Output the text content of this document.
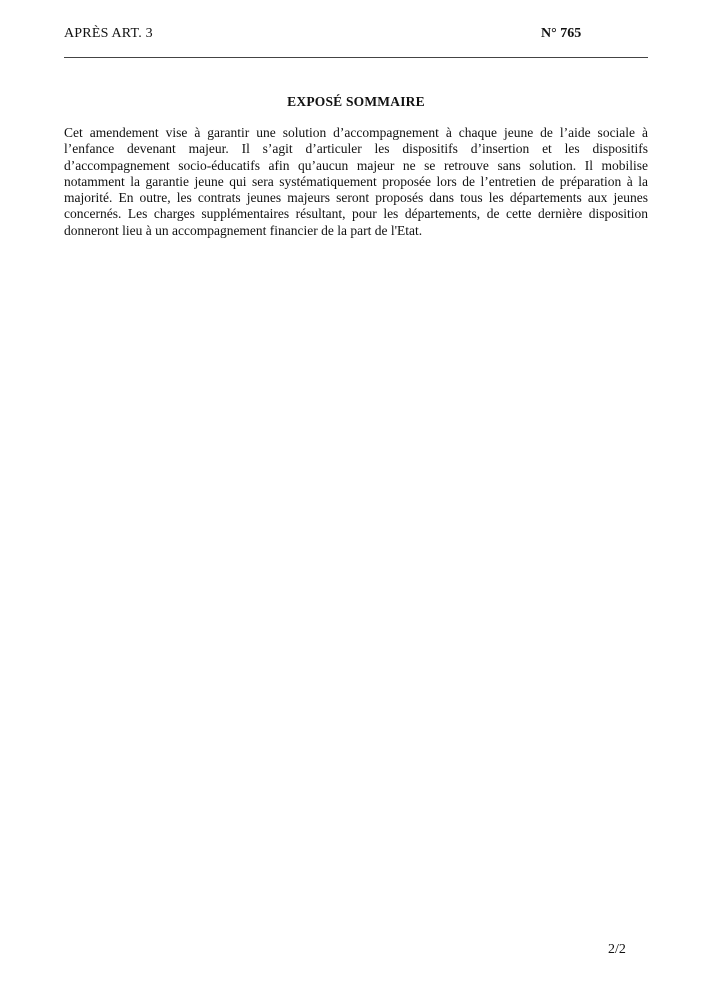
APRÈS ART. 3	N° 765
EXPOSÉ SOMMAIRE

Cet amendement vise à garantir une solution d’accompagnement à chaque jeune de l’aide sociale à l’enfance devenant majeur. Il s’agit d’articuler les dispositifs d’insertion et les dispositifs d’accompagnement socio-éducatifs afin qu’aucun majeur ne se retrouve sans solution. Il mobilise notamment la garantie jeune qui sera systématiquement proposée lors de l’entretien de préparation à la majorité. En outre, les contrats jeunes majeurs seront proposés dans tous les départements aux jeunes concernés. Les charges supplémentaires résultant, pour les départements, de cette dernière disposition donneront lieu à un accompagnement financier de la part de l'Etat.

2/2
